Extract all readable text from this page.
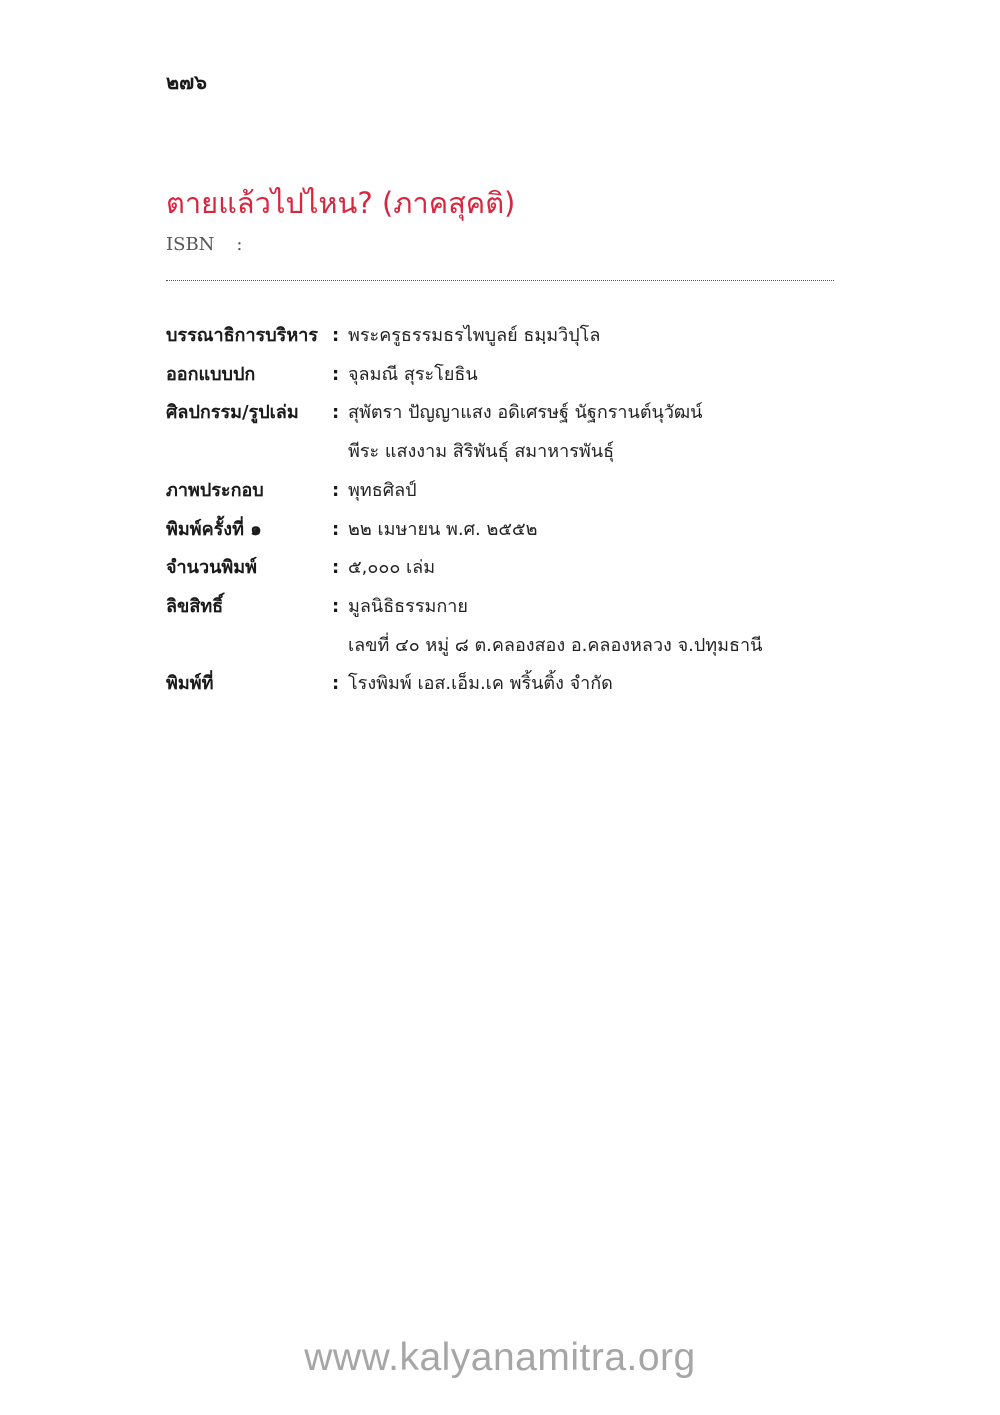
๒๗๖
ตายแล้วไปไหน? (ภาคสุคติ)
ISBN :
บรรณาธิการบริหาร : พระครูธรรมธรไพบูลย์ ธมฺมวิปุโล
ออกแบบปก	: จุลมณี สุระโยธิน
ศิลปกรรม/รูปเล่ม	: สุพัตรา ปัญญาแสง อดิเศรษฐ์ นัฐกรานต์นุวัฒน์
พีระ แสงงาม สิริพันธุ์ สมาหารพันธุ์
ภาพประกอบ	: พุทธศิลป์
พิมพ์ครั้งที่ ๑	: ๒๒ เมษายน พ.ศ. ๒๕๕๒
จำนวนพิมพ์	: ๕,๐๐๐ เล่ม
ลิขสิทธิ์	: มูลนิธิธรรมกาย
เลขที่ ๔๐ หมู่ ๘ ต.คลองสอง อ.คลองหลวง จ.ปทุมธานี
พิมพ์ที่	: โรงพิมพ์ เอส.เอ็ม.เค พริ้นติ้ง จำกัด
www.kalyanamitra.org
